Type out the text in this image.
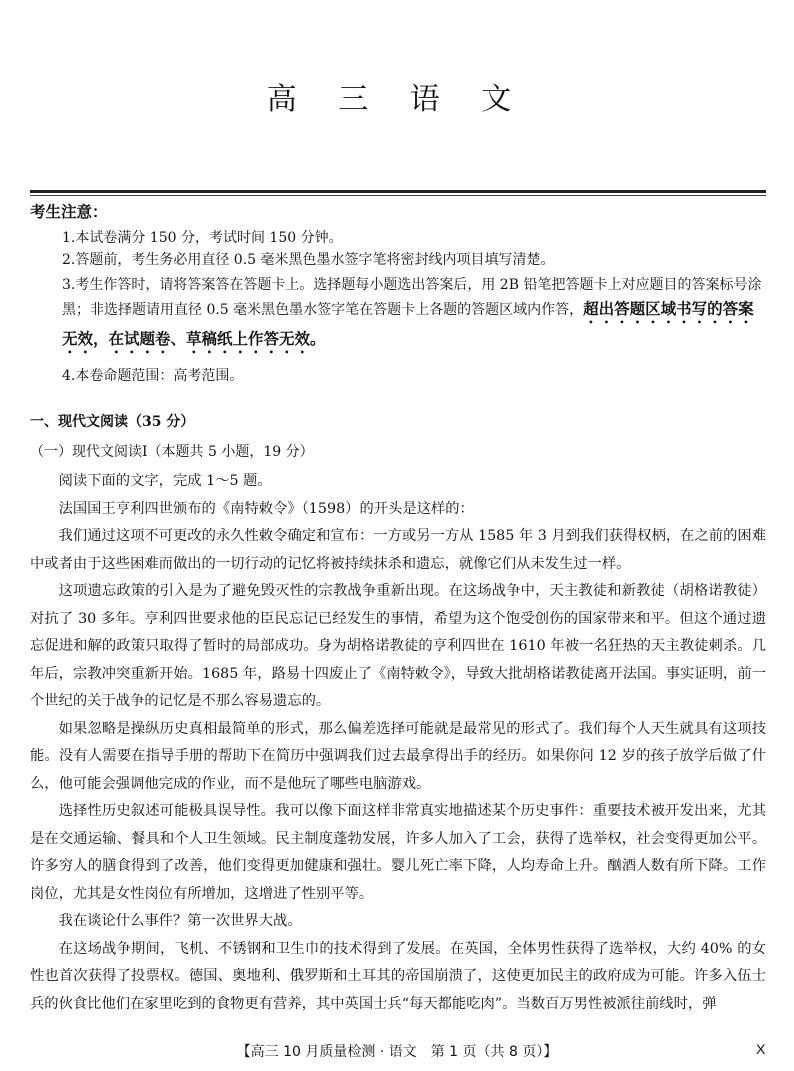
高 三 语 文
考生注意：
1.本试卷满分 150 分，考试时间 150 分钟。
2.答题前，考生务必用直径 0.5 毫米黑色墨水签字笔将密封线内项目填写清楚。
3.考生作答时，请将答案答在答题卡上。选择题每小题选出答案后，用 2B 铅笔把答题卡上对应题目的答案标号涂黑；非选择题请用直径 0.5 毫米黑色墨水签字笔在答题卡上各题的答题区域内作答，超出答题区域书写的答案无效，在试题卷、草稿纸上作答无效。
4.本卷命题范围：高考范围。
一、现代文阅读（35 分）
（一）现代文阅读Ⅰ（本题共 5 小题，19 分）

阅读下面的文字，完成 1～5 题。

法国国王亨利四世颁布的《南特敕令》（1598）的开头是这样的：

我们通过这项不可更改的永久性敕令确定和宣布：一方或另一方从 1585 年 3 月到我们获得权柄，在之前的困难中或者由于这些困难而做出的一切行动的记忆将被持续抹杀和遗忘，就像它们从未发生过一样。

这项遗忘政策的引入是为了避免毁灭性的宗教战争重新出现。在这场战争中，天主教徒和新教徒（胡格诺教徒）对抗了 30 多年。亨利四世要求他的臣民忘记已经发生的事情，希望为这个饱受创伤的国家带来和平。但这个通过遗忘促进和解的政策只取得了暂时的局部成功。身为胡格诺教徒的亨利四世在 1610 年被一名狂热的天主教徒刺杀。几年后，宗教冲突重新开始。1685 年，路易十四废止了《南特敕令》，导致大批胡格诺教徒离开法国。事实证明，前一个世纪的关于战争的记忆是不那么容易遗忘的。

如果忽略是操纵历史真相最简单的形式，那么偏差选择可能就是最常见的形式了。我们每个人天生就具有这项技能。没有人需要在指导手册的帮助下在简历中强调我们过去最拿得出手的经历。如果你问 12 岁的孩子放学后做了什么，他可能会强调他完成的作业，而不是他玩了哪些电脑游戏。

选择性历史叙述可能极具误导性。我可以像下面这样非常真实地描述某个历史事件：重要技术被开发出来，尤其是在交通运输、餐具和个人卫生领域。民主制度蓬勃发展，许多人加入了工会，获得了选举权，社会变得更加公平。许多穷人的膳食得到了改善，他们变得更加健康和强壮。婴儿死亡率下降，人均寿命上升。酗酒人数有所下降。工作岗位，尤其是女性岗位有所增加，这增进了性别平等。

我在谈论什么事件？第一次世界大战。

在这场战争期间，飞机、不锈钢和卫生巾的技术得到了发展。在英国，全体男性获得了选举权，大约 40% 的女性也首次获得了投票权。德国、奥地利、俄罗斯和土耳其的帝国崩溃了，这使更加民主的政府成为可能。许多入伍士兵的伙食比他们在家里吃到的食物更有营养，其中英国士兵“每天都能吃肉”。当数百万男性被派往前线时，弹

【高三 10 月质量检测 · 语文　第 1 页（共 8 页）】	X
